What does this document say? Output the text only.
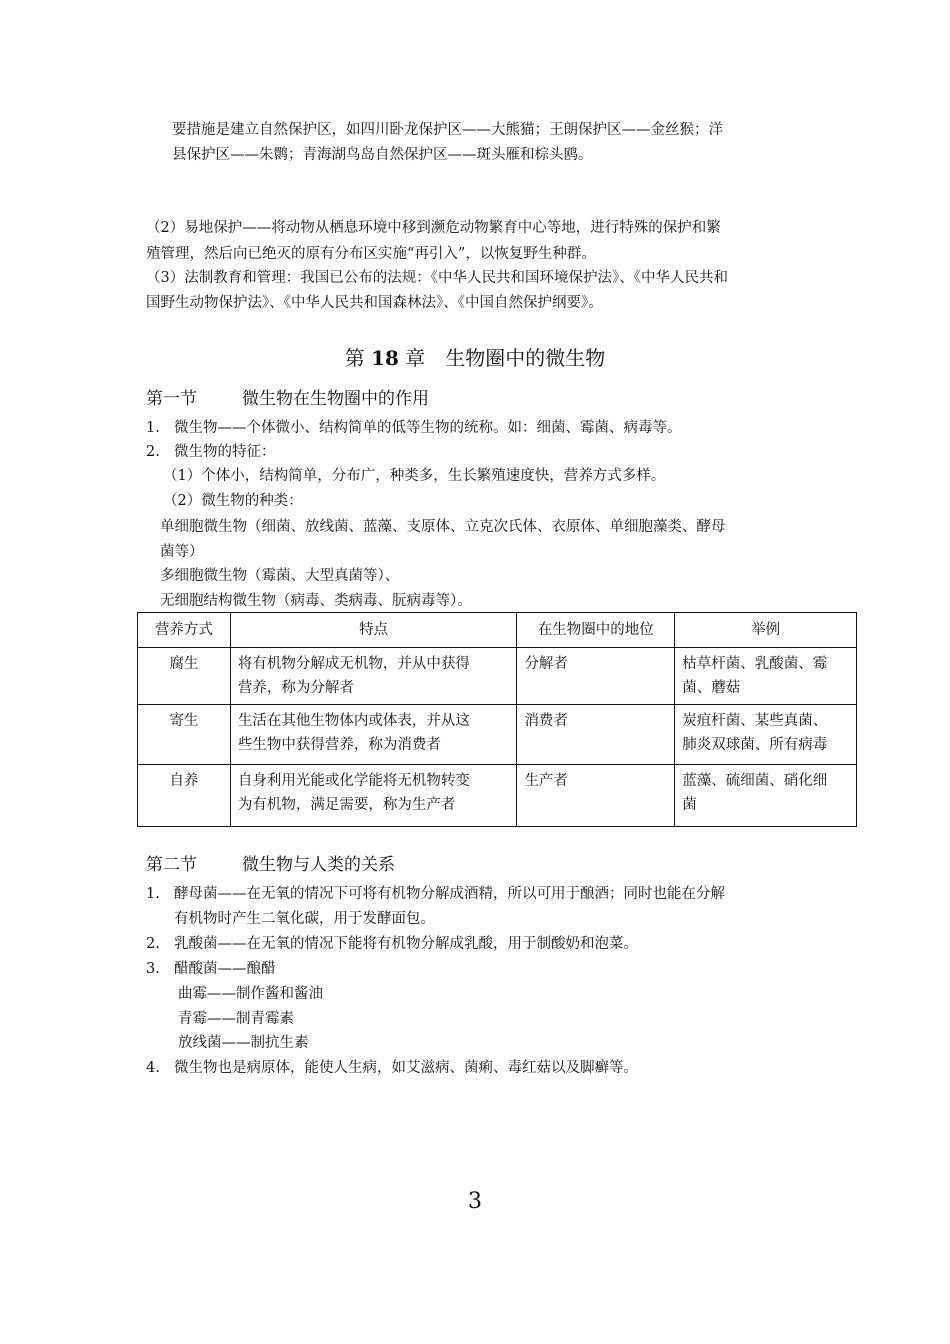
要措施是建立自然保护区，如四川卧龙保护区——大熊猫；王朗保护区——金丝猴；洋
县保护区——朱鹮；青海湖鸟岛自然保护区——斑头雁和棕头鸥。
（2）易地保护——将动物从栖息环境中移到濒危动物繁育中心等地，进行特殊的保护和繁
殖管理，然后向已绝灭的原有分布区实施“再引入”，以恢复野生种群。
（3）法制教育和管理：我国已公布的法规：《中华人民共和国环境保护法》、《中华人民共和
国野生动物保护法》、《中华人民共和国森林法》、《中国自然保护纲要》。
第 18 章　生物圈中的微生物
第一节	微生物在生物圈中的作用
1. 微生物——个体微小、结构简单的低等生物的统称。如：细菌、霉菌、病毒等。
2. 微生物的特征：
（1）个体小，结构简单，分布广，种类多，生长繁殖速度快，营养方式多样。
（2）微生物的种类：
单细胞微生物（细菌、放线菌、蓝藻、支原体、立克次氏体、衣原体、单细胞藻类、酵母
菌等）
多细胞微生物（霉菌、大型真菌等）、
无细胞结构微生物（病毒、类病毒、朊病毒等）。
营养方式	特点	在生物圈中的地位	举例
腐生	将有机物分解成无机物，并从中获得
营养，称为分解者	分解者	枯草杆菌、乳酸菌、霉
菌、蘑菇
寄生	生活在其他生物体内或体表，并从这
些生物中获得营养，称为消费者	消费者	炭疽杆菌、某些真菌、
肺炎双球菌、所有病毒
自养	自身利用光能或化学能将无机物转变
为有机物，满足需要，称为生产者	生产者	蓝藻、硫细菌、硝化细
菌
第二节	微生物与人类的关系
1. 酵母菌——在无氧的情况下可将有机物分解成酒精，所以可用于酿酒；同时也能在分解
有机物时产生二氧化碳，用于发酵面包。
2. 乳酸菌——在无氧的情况下能将有机物分解成乳酸，用于制酸奶和泡菜。
3. 醋酸菌——酿醋
曲霉——制作酱和酱油
青霉——制青霉素
放线菌——制抗生素
4. 微生物也是病原体，能使人生病，如艾滋病、菌痢、毒红菇以及脚癣等。
3
